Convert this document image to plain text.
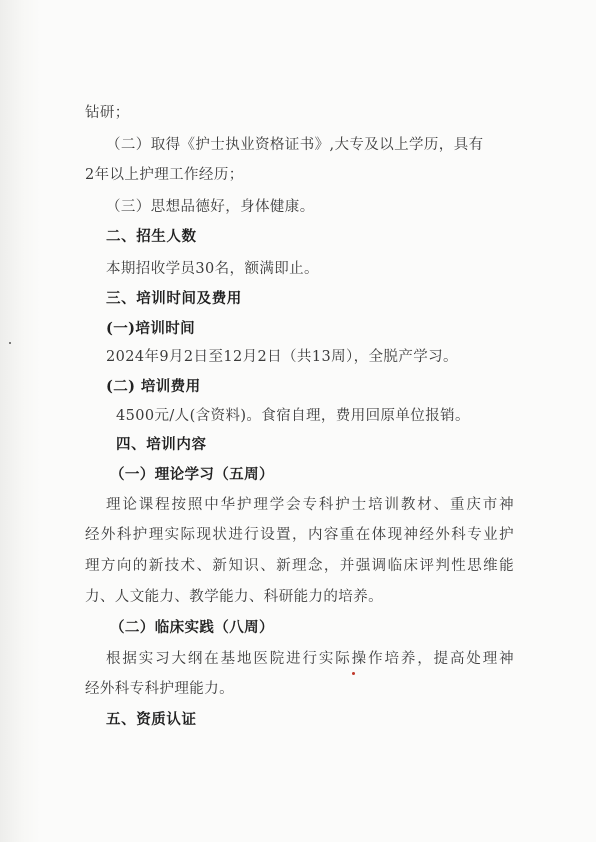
钻研；
（二）取得《护士执业资格证书》,大专及以上学历，具有
2年以上护理工作经历；
（三）思想品德好，身体健康。
二、招生人数
本期招收学员30名，额满即止。
三、培训时间及费用
(一)培训时间
2024年9月2日至12月2日（共13周），全脱产学习。
(二) 培训费用
4500元/人(含资料)。食宿自理，费用回原单位报销。
四、培训内容
（一）理论学习（五周）
理论课程按照中华护理学会专科护士培训教材、重庆市神
经外科护理实际现状进行设置，内容重在体现神经外科专业护
理方向的新技术、新知识、新理念，并强调临床评判性思维能
力、人文能力、教学能力、科研能力的培养。
（二）临床实践（八周）
根据实习大纲在基地医院进行实际操作培养，提高处理神
经外科专科护理能力。
五、资质认证
